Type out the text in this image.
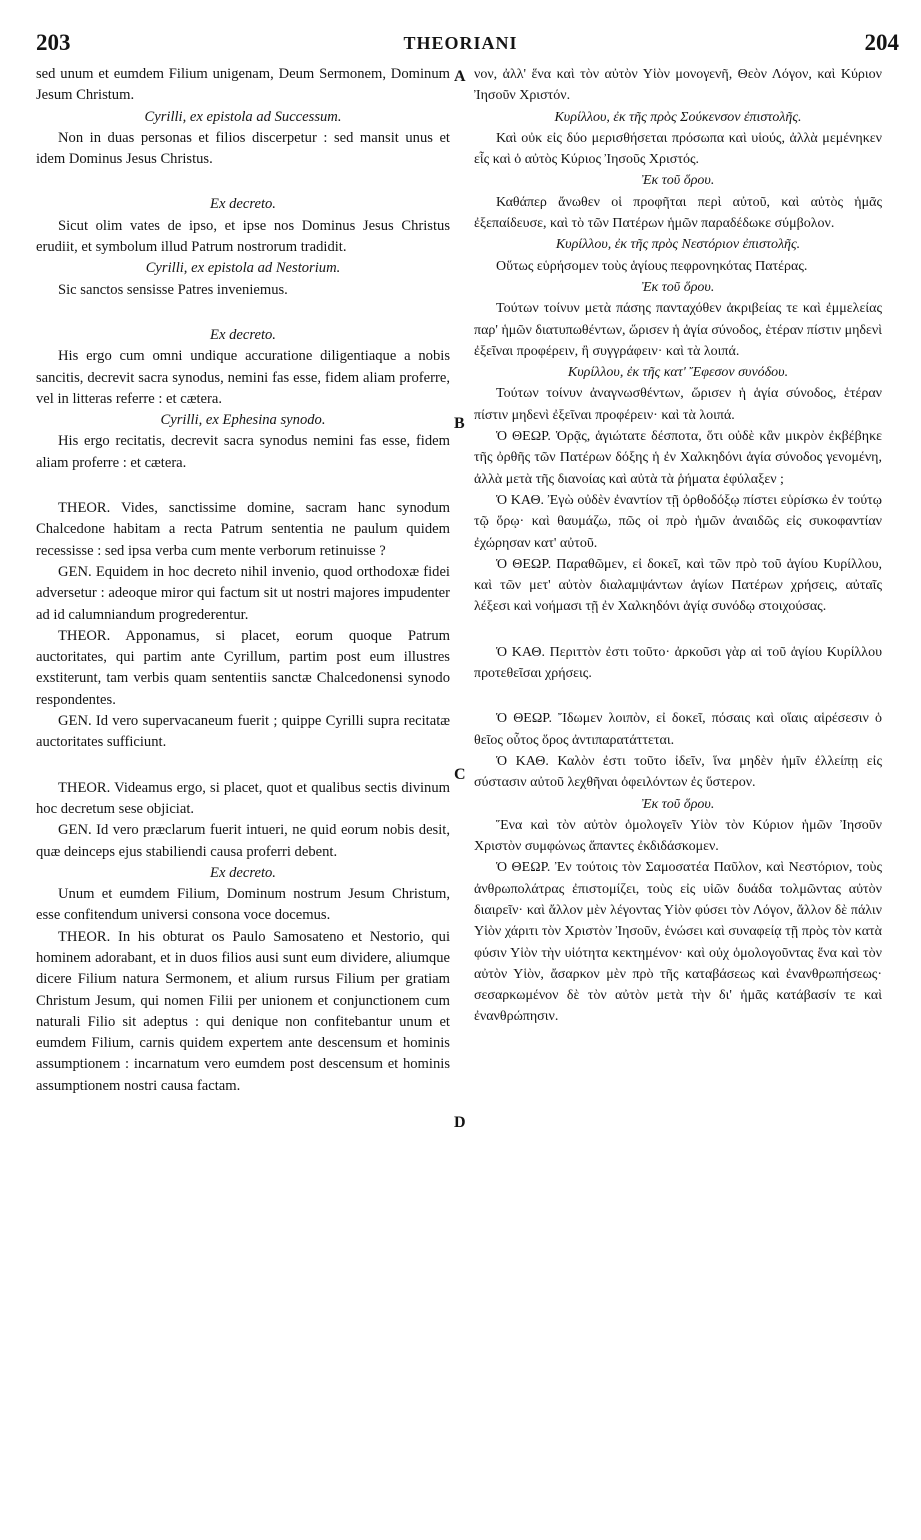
THEORIANI
203	204

sed unum et eumdem Filium unigenam, Deum Sermonem, Dominum Jesum Christum.

Cyrilli, ex epistola ad Successum.

Non in duas personas et filios discerpetur : sed mansit unus et idem Dominus Jesus Christus.

Ex decreto.

Sicut olim vates de ipso, et ipse nos Dominus Jesus Christus erudiit, et symbolum illud Patrum nostrorum tradidit.

Cyrilli, ex epistola ad Nestorium.

Sic sanctos sensisse Patres inveniemus.

Ex decreto.

His ergo cum omni undique accuratione diligentiaque a nobis sancitis, decrevit sacra synodus, nemini fas esse, fidem aliam proferre, vel in litteras referre : et cætera.

Cyrilli, ex Ephesina synodo.

His ergo recitatis, decrevit sacra synodus nemini fas esse, fidem aliam proferre : et cætera.

THEOR. Vides, sanctissime domine, sacram hanc synodum Chalcedone habitam a recta Patrum sententia ne paulum quidem recessisse : sed ipsa verba cum mente verborum retinuisse ?

GEN. Equidem in hoc decreto nihil invenio, quod orthodoxæ fidei adversetur : adeoque miror qui factum sit ut nostri majores impudenter ad id calumniandum progrederentur.

THEOR. Apponamus, si placet, eorum quoque Patrum auctoritates, qui partim ante Cyrillum, partim post eum illustres exstiterunt, tam verbis quam sententiis sanctæ Chalcedonensi synodo respondentes.

GEN. Id vero supervacaneum fuerit ; quippe Cyrilli supra recitatæ auctoritates sufficiunt.

THEOR. Videamus ergo, si placet, quot et qualibus sectis divinum hoc decretum sese objiciat.

GEN. Id vero præclarum fuerit intueri, ne quid eorum nobis desit, quæ deinceps ejus stabiliendi causa proferri debent.

Ex decreto.

Unum et eumdem Filium, Dominum nostrum Jesum Christum, esse confitendum universi consona voce docemus.

THEOR. In his obturat os Paulo Samosateno et Nestorio, qui hominem adorabant, et in duos filios ausi sunt eum dividere, aliumque dicere Filium natura Sermonem, et alium rursus Filium per gratiam Christum Jesum, qui nomen Filii per unionem et conjunctionem cum naturali Filio sit adeptus : qui denique non confitebantur unum et eumdem Filium, carnis quidem expertem ante descensum et hominis assumptionem : incarnatum vero eumdem post descensum et hominis assumptionem nostri causa factam.

νον, ἀλλ' ἕνα καὶ τὸν αὐτὸν Υἱὸν μονογενῆ, Θεὸν Λόγον, καὶ Κύριον Ἰησοῦν Χριστόν.

Κυρίλλου, ἐκ τῆς πρὸς Σούκενσον ἐπιστολῆς.

Καὶ οὐκ εἰς δύο μερισθήσεται πρόσωπα καὶ υἱούς, ἀλλὰ μεμένηκεν εἷς καὶ ὁ αὐτὸς Κύριος Ἰησοῦς Χριστός.

Ἐκ τοῦ ὅρου.

Καθάπερ ἄνωθεν οἱ προφῆται περὶ αὐτοῦ, καὶ αὐτὸς ἡμᾶς ἐξεπαίδευσε, καὶ τὸ τῶν Πατέρων ἡμῶν παραδέδωκε σύμβολον.

Κυρίλλου, ἐκ τῆς πρὸς Νεστόριον ἐπιστολῆς.

Οὕτως εὑρήσομεν τοὺς ἁγίους πεφρονηκότας Πατέρας.

Ἐκ τοῦ ὅρου.

Τούτων τοίνυν μετὰ πάσης πανταχόθεν ἀκριβείας τε καὶ ἐμμελείας παρ' ἡμῶν διατυπωθέντων, ὥρισεν ἡ ἁγία σύνοδος, ἑτέραν πίστιν μηδενὶ ἐξεῖναι προφέρειν, ἢ συγγράφειν· καὶ τὰ λοιπά.

Κυρίλλου, ἐκ τῆς κατ' Ἔφεσον συνόδου.

Τούτων τοίνυν ἀναγνωσθέντων, ὥρισεν ἡ ἁγία σύνοδος, ἑτέραν πίστιν μηδενὶ ἐξεῖναι προφέρειν· καὶ τὰ λοιπά.

Ὁ ΘΕΩΡ. Ὁρᾷς, ἁγιώτατε δέσποτα, ὅτι οὐδὲ κἂν μικρὸν ἐκβέβηκε τῆς ὀρθῆς τῶν Πατέρων δόξης ἡ ἐν Χαλκηδόνι ἁγία σύνοδος γενομένη, ἀλλὰ μετὰ τῆς διανοίας καὶ αὐτὰ τὰ ῥήματα ἐφύλαξεν ;

Ὁ ΚΑΘ. Ἐγὼ οὐδὲν ἐναντίον τῇ ὀρθοδόξῳ πίστει εὑρίσκω ἐν τούτῳ τῷ ὅρῳ· καὶ θαυμάζω, πῶς οἱ πρὸ ἡμῶν ἀναιδῶς εἰς συκοφαντίαν ἐχώρησαν κατ' αὐτοῦ.

Ὁ ΘΕΩΡ. Παραθῶμεν, εἰ δοκεῖ, καὶ τῶν πρὸ τοῦ ἁγίου Κυρίλλου, καὶ τῶν μετ' αὐτὸν διαλαμψάντων ἁγίων Πατέρων χρήσεις, αὐταῖς λέξεσι καὶ νοήμασι τῇ ἐν Χαλκηδόνι ἁγίᾳ συνόδῳ στοιχούσας.

Ὁ ΚΑΘ. Περιττὸν ἐστι τοῦτο· ἀρκοῦσι γὰρ αἱ τοῦ ἁγίου Κυρίλλου προτεθεῖσαι χρήσεις.

Ὁ ΘΕΩΡ. Ἴδωμεν λοιπὸν, εἰ δοκεῖ, πόσαις καὶ οἵαις αἱρέσεσιν ὁ θεῖος οὗτος ὅρος ἀντιπαρατάττεται.

Ὁ ΚΑΘ. Καλὸν ἐστι τοῦτο ἰδεῖν, ἵνα μηδὲν ἡμῖν ἐλλείπῃ εἰς σύστασιν αὐτοῦ λεχθῆναι ὀφειλόντων ἐς ὕστερον.

Ἐκ τοῦ ὅρου.

Ἕνα καὶ τὸν αὐτὸν ὁμολογεῖν Υἱὸν τὸν Κύριον ἡμῶν Ἰησοῦν Χριστὸν συμφώνως ἅπαντες ἐκδιδάσκομεν.

Ὁ ΘΕΩΡ. Ἐν τούτοις τὸν Σαμοσατέα Παῦλον, καὶ Νεστόριον, τοὺς ἀνθρωπολάτρας ἐπιστομίζει, τοὺς εἰς υἱῶν δυάδα τολμῶντας αὐτὸν διαιρεῖν· καὶ ἄλλον μὲν λέγοντας Υἱὸν φύσει τὸν Λόγον, ἄλλον δὲ πάλιν Υἱὸν χάριτι τὸν Χριστὸν Ἰησοῦν, ἑνώσει καὶ συναφείᾳ τῇ πρὸς τὸν κατὰ φύσιν Υἱὸν τὴν υἱότητα κεκτημένον· καὶ οὐχ ὁμολογοῦντας ἕνα καὶ τὸν αὐτὸν Υἱὸν, ἄσαρκον μὲν πρὸ τῆς καταβάσεως καὶ ἐνανθρωπήσεως· σεσαρκωμένον δὲ τὸν αὐτὸν μετὰ τὴν δι' ἡμᾶς κατάβασίν τε καὶ ἐνανθρώπησιν.

A
B
C
D
